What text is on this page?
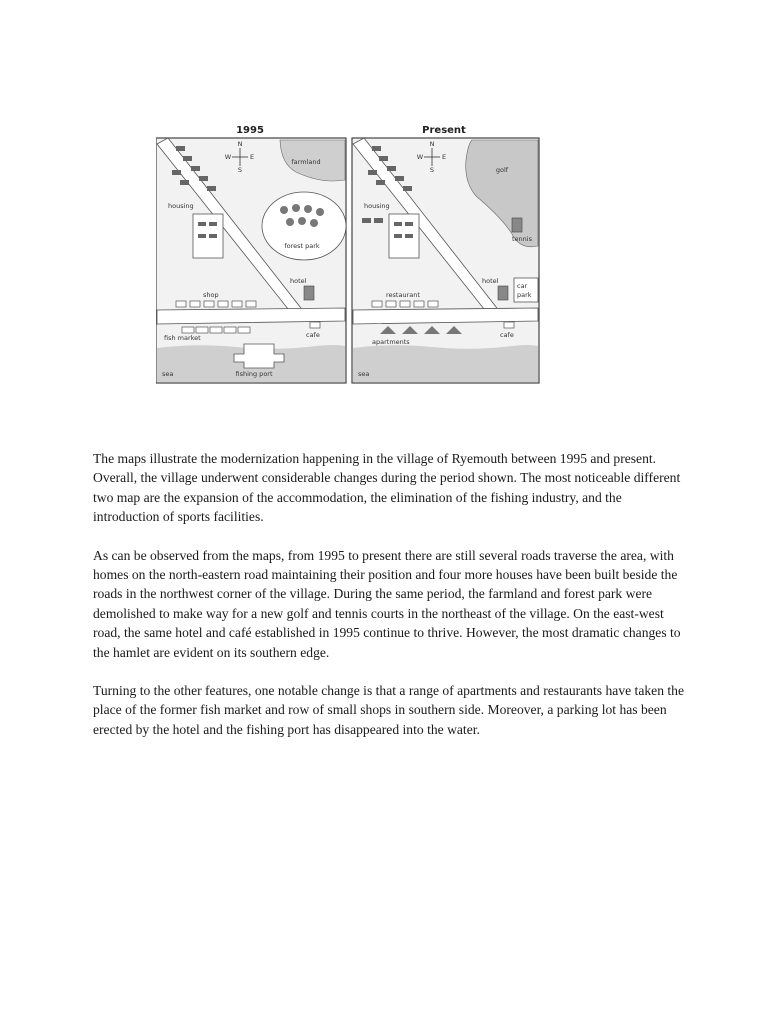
1995
farmland
N
S
E
W
housing
forest park
hotel
shop
fish market	cafe
fishing port
sea
Present
golf
tennis
N
S
E
W
housing
hotel
car
park
restaurant
apartments
cafe
sea

The maps illustrate the modernization happening in the village of Ryemouth between 1995 and present. Overall, the village underwent considerable changes during the period shown. The most noticeable different two map are the expansion of the accommodation, the elimination of the fishing industry, and the introduction of sports facilities.

As can be observed from the maps, from 1995 to present there are still several roads traverse the area, with homes on the north-eastern road maintaining their position and four more houses have been built beside the roads in the northwest corner of the village. During the same period, the farmland and forest park were demolished to make way for a new golf and tennis courts in the northeast of the village. On the east-west road, the same hotel and café established in 1995 continue to thrive. However, the most dramatic changes to the hamlet are evident on its southern edge.

Turning to the other features, one notable change is that a range of apartments and restaurants have taken the place of the former fish market and row of small shops in southern side. Moreover, a parking lot has been erected by the hotel and the fishing port has disappeared into the water.
